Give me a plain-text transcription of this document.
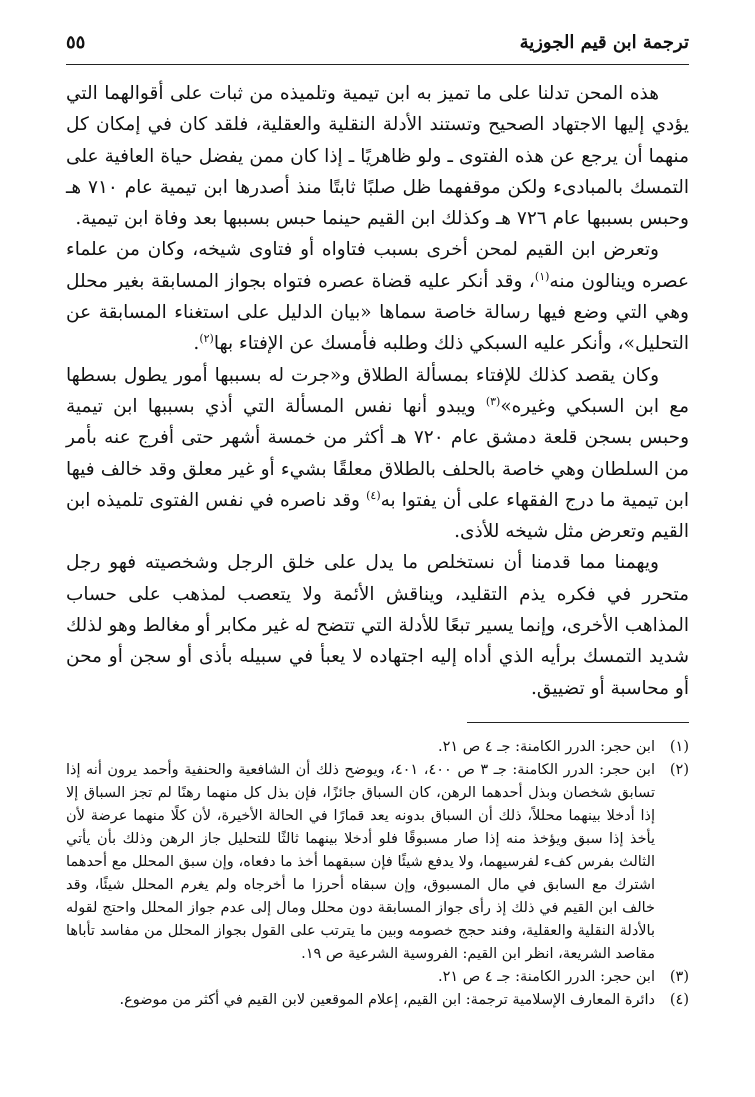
ترجمة ابن قيم الجوزية
٥٥

هذه المحن تدلنا على ما تميز به ابن تيمية وتلميذه من ثبات على أقوالهما التي يؤدي إليها الاجتهاد الصحيح وتستند الأدلة النقلية والعقلية، فلقد كان في إمكان كل منهما أن يرجع عن هذه الفتوى ـ ولو ظاهريًا ـ إذا كان ممن يفضل حياة العافية على التمسك بالمبادىء ولكن موقفهما ظل صلبًا ثابتًا منذ أصدرها ابن تيمية عام ٧١٠ هـ وحبس بسببها عام ٧٢٦ هـ وكذلك ابن القيم حينما حبس بسببها بعد وفاة ابن تيمية.

وتعرض ابن القيم لمحن أخرى بسبب فتاواه أو فتاوى شيخه، وكان من علماء عصره وينالون منه$^{(١)}$، وقد أنكر عليه قضاة عصره فتواه بجواز المسابقة بغير محلل وهي التي وضع فيها رسالة خاصة سماها «بيان الدليل على استغناء المسابقة عن التحليل»، وأنكر عليه السبكي ذلك وطلبه فأمسك عن الإفتاء بها$^{(٢)}$.

وكان يقصد كذلك للإفتاء بمسألة الطلاق و«جرت له بسببها أمور يطول بسطها مع ابن السبكي وغيره»$^{(٣)}$ ويبدو أنها نفس المسألة التي أذي بسببها ابن تيمية وحبس بسجن قلعة دمشق عام ٧٢٠ هـ أكثر من خمسة أشهر حتى أفرج عنه بأمر من السلطان وهي خاصة بالحلف بالطلاق معلقًا بشيء أو غير معلق وقد خالف فيها ابن تيمية ما درج الفقهاء على أن يفتوا به$^{(٤)}$ وقد ناصره في نفس الفتوى تلميذه ابن القيم وتعرض مثل شيخه للأذى.

ويهمنا مما قدمنا أن نستخلص ما يدل على خلق الرجل وشخصيته فهو رجل متحرر في فكره يذم التقليد، ويناقش الأئمة ولا يتعصب لمذهب على حساب المذاهب الأخرى، وإنما يسير تبعًا للأدلة التي تتضح له غير مكابر أو مغالط وهو لذلك شديد التمسك برأيه الذي أداه إليه اجتهاده لا يعبأ في سبيله بأذى أو سجن أو محن أو محاسبة أو تضييق.

(١)
ابن حجر: الدرر الكامنة: جـ ٤ ص ٢١.
(٢)
ابن حجر: الدرر الكامنة: جـ ٣ ص ٤٠٠، ٤٠١، ويوضح ذلك أن الشافعية والحنفية وأحمد يرون أنه إذا تسابق شخصان وبذل أحدهما الرهن، كان السباق جائزًا، فإن بذل كل منهما رهنًا لم تجز السباق إلا إذا أدخلا بينهما محللاً، ذلك أن السباق بدونه يعد قمارًا في الحالة الأخيرة، لأن كلًا منهما عرضة لأن يأخذ إذا سبق ويؤخذ منه إذا صار مسبوقًا فلو أدخلا بينهما ثالثًا للتحليل جاز الرهن وذلك بأن يأتي الثالث بفرس كفء لفرسيهما، ولا يدفع شيئًا فإن سبقهما أخذ ما دفعاه، وإن سبق المحلل مع أحدهما اشترك مع السابق في مال المسبوق، وإن سبقاه أحرزا ما أخرجاه ولم يغرم المحلل شيئًا، وقد خالف ابن القيم في ذلك إذ رأى جواز المسابقة دون محلل ومال إلى عدم جواز المحلل واحتج لقوله بالأدلة النقلية والعقلية، وفند حجج خصومه وبين ما يترتب على القول بجواز المحلل من مفاسد تأباها مقاصد الشريعة، انظر ابن القيم: الفروسية الشرعية ص ١٩.
(٣)
ابن حجر: الدرر الكامنة: جـ ٤ ص ٢١.
(٤)
دائرة المعارف الإسلامية ترجمة: ابن القيم، إعلام الموقعين لابن القيم في أكثر من موضوع.
